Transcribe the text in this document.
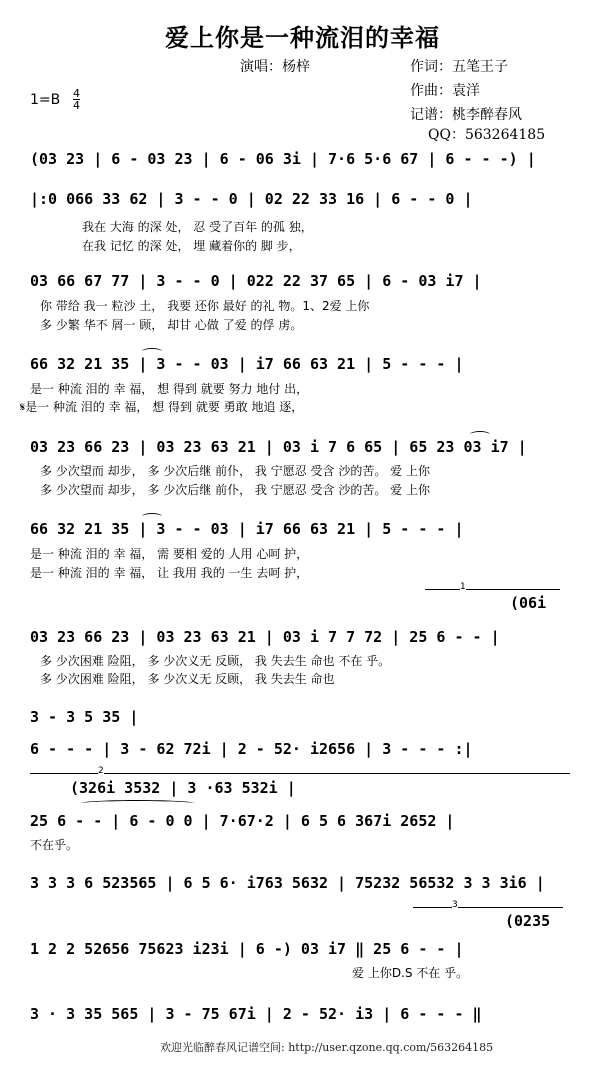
爱上你是一种流泪的幸福
演唱：杨梓	作词：五笔王子
作曲：袁洋
记谱：桃李醉春风
QQ：563264185
1=B 4
4
(03 23 | 6 - 03 23 | 6 - 06 3i | 7·6 5·6 67 | 6 - - -) |
|:0 066 33 62 | 3 - - 0 | 02 22 33 16 | 6 - - 0 |
我在 大海 的深 处， 忍 受了百年 的孤 独，
在我 记忆 的深 处， 埋 藏着你的 脚 步，
03 66 67 77 | 3 - - 0 | 022 22 37 65 | 6 - 03 i7 |
你 带给 我一 粒沙 土， 我要 还你 最好 的礼 物。1、2爱 上你
多 少繁 华不 屑一 顾， 却甘 心做 了爱 的俘 虏。
66 32 21 35 | 3 - - 03 | i7 66 63 21 | 5 - - - |
是一 种流 泪的 幸 福， 想 得到 就要 努力 地付 出，
𝄋是一 种流 泪的 幸 福， 想 得到 就要 勇敢 地追 逐，
03 23 66 23 | 03 23 63 21 | 03 i 7 6 65 | 65 23 03 i7 |
多 少次望而 却步， 多 少次后继 前仆， 我 宁愿忍 受含 沙的苦。 爱 上你
多 少次望而 却步， 多 少次后继 前仆， 我 宁愿忍 受含 沙的苦。 爱 上你
66 32 21 35 | 3 - - 03 | i7 66 63 21 | 5 - - - |
是一 种流 泪的 幸 福， 需 要相 爱的 人用 心呵 护，
是一 种流 泪的 幸 福， 让 我用 我的 一生 去呵 护，
1
(06i
03 23 66 23 | 03 23 63 21 | 03 i 7 7 72 | 25 6 - - |
多 少次困难 险阻， 多 少次义无 反顾， 我 失去生 命也 不在 乎。
多 少次困难 险阻， 多 少次义无 反顾， 我 失去生 命也
3 - 3 5 35 |
6 - - - | 3 - 62 72i | 2 - 52· i2656 | 3 - - - :|
2
(326i 3532 | 3 ·63 532i |
25 6 - - | 6 - 0 0 | 7·67·2 | 6 5 6 367i 2652 |
不在乎。
3 3 3 6 523565 | 6 5 6· i763 5632 | 75232 56532 3 3 3i6 |
3
(0235
1 2 2 52656 75623 i23i | 6 -) 03 i7 ‖ 25 6 - - |
爱 上你D.S 不在 乎。
3 · 3 35 565 | 3 - 75 67i | 2 - 52· i3 | 6 - - - ‖
欢迎光临醉春风记谱空间: http://user.qzone.qq.com/563264185
